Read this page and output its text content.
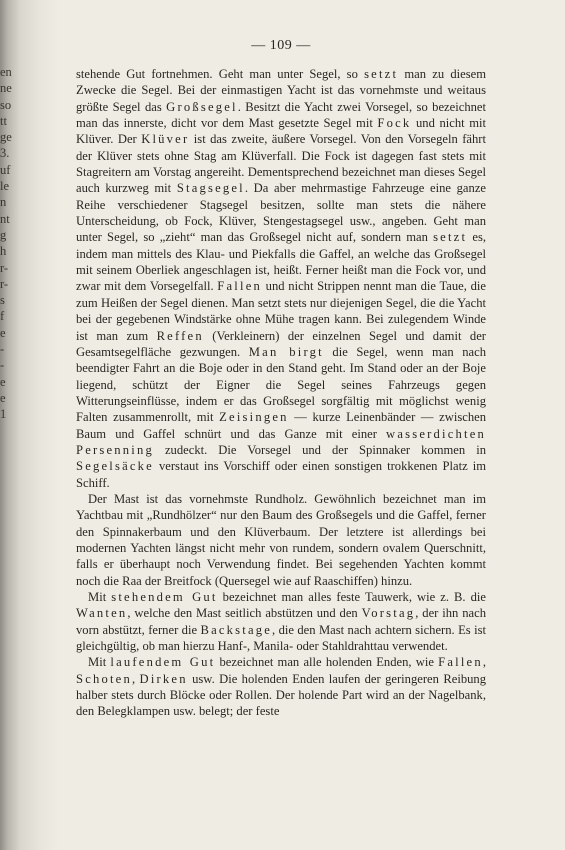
en
ne
so
tt
ge
3.
uf
le
n
nt
g
h
r-
r-
s
f
e
-
-
e
e
1
— 109 —

stehende Gut fortnehmen. Geht man unter Segel, so setzt man zu diesem Zwecke die Segel. Bei der einmastigen Yacht ist das vornehmste und weitaus größte Segel das Großsegel. Besitzt die Yacht zwei Vorsegel, so bezeichnet man das innerste, dicht vor dem Mast gesetzte Segel mit Fock und nicht mit Klüver. Der Klüver ist das zweite, äußere Vorsegel. Von den Vorsegeln fährt der Klüver stets ohne Stag am Klüverfall. Die Fock ist dagegen fast stets mit Stagreitern am Vorstag angereiht. Dementsprechend bezeichnet man dieses Segel auch kurzweg mit Stagsegel. Da aber mehrmastige Fahrzeuge eine ganze Reihe verschiedener Stagsegel besitzen, sollte man stets die nähere Unterscheidung, ob Fock, Klüver, Stengestagsegel usw., angeben. Geht man unter Segel, so „zieht“ man das Großsegel nicht auf, sondern man setzt es, indem man mittels des Klau- und Piekfalls die Gaffel, an welche das Großsegel mit seinem Oberliek angeschlagen ist, heißt. Ferner heißt man die Fock vor, und zwar mit dem Vorsegelfall. Fallen und nicht Strippen nennt man die Taue, die zum Heißen der Segel dienen. Man setzt stets nur diejenigen Segel, die die Yacht bei der gegebenen Windstärke ohne Mühe tragen kann. Bei zulegendem Winde ist man zum Reffen (Verkleinern) der einzelnen Segel und damit der Gesamtsegelfläche gezwungen. Man birgt die Segel, wenn man nach beendigter Fahrt an die Boje oder in den Stand geht. Im Stand oder an der Boje liegend, schützt der Eigner die Segel seines Fahrzeugs gegen Witterungseinflüsse, indem er das Großsegel sorgfältig mit möglichst wenig Falten zusammenrollt, mit Zeisingen — kurze Leinenbänder — zwischen Baum und Gaffel schnürt und das Ganze mit einer wasserdichten Persenning zudeckt. Die Vorsegel und der Spinnaker kommen in Segelsäcke verstaut ins Vorschiff oder einen sonstigen trokkenen Platz im Schiff.

Der Mast ist das vornehmste Rundholz. Gewöhnlich bezeichnet man im Yachtbau mit „Rundhölzer“ nur den Baum des Großsegels und die Gaffel, ferner den Spinnakerbaum und den Klüverbaum. Der letztere ist allerdings bei modernen Yachten längst nicht mehr von rundem, sondern ovalem Querschnitt, falls er überhaupt noch Verwendung findet. Bei segehenden Yachten kommt noch die Raa der Breitfock (Quersegel wie auf Raaschiffen) hinzu.

Mit stehendem Gut bezeichnet man alles feste Tauwerk, wie z. B. die Wanten, welche den Mast seitlich abstützen und den Vorstag, der ihn nach vorn abstützt, ferner die Backstage, die den Mast nach achtern sichern. Es ist gleichgültig, ob man hierzu Hanf-, Manila- oder Stahldrahttau verwendet.

Mit laufendem Gut bezeichnet man alle holenden Enden, wie Fallen, Schoten, Dirken usw. Die holenden Enden laufen der geringeren Reibung halber stets durch Blöcke oder Rollen. Der holende Part wird an der Nagelbank, den Belegklampen usw. belegt; der feste
